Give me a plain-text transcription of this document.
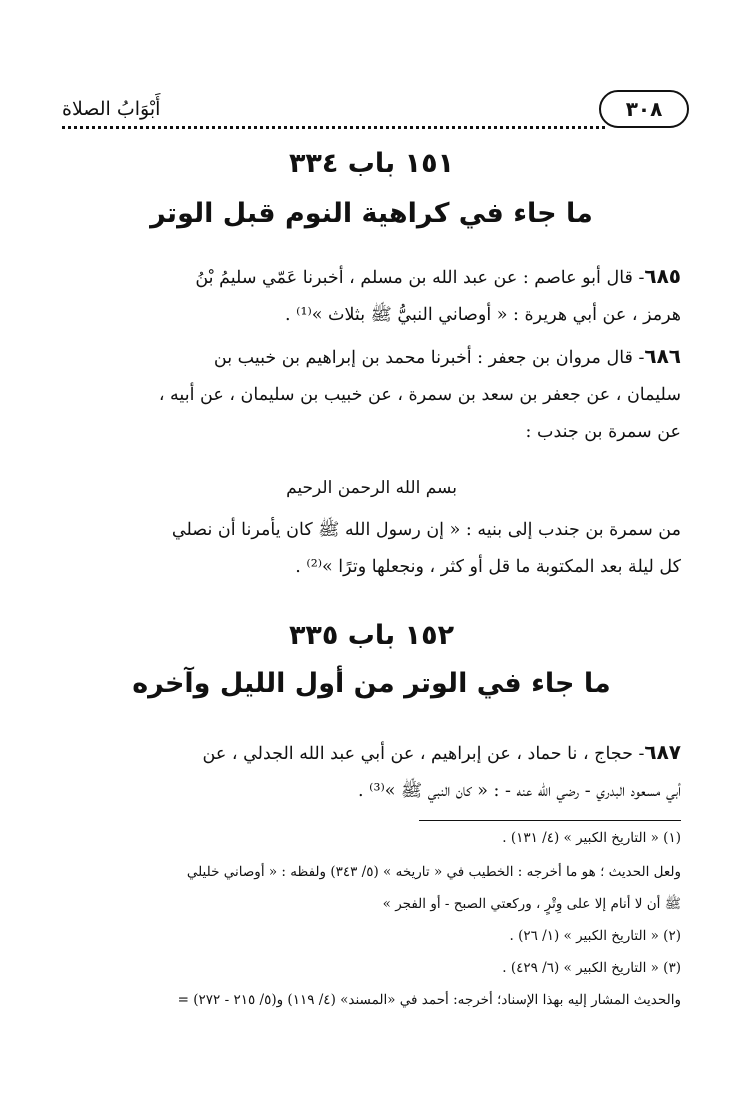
٣٠٨
أَبْوَابُ الصلاة
١٥١ باب ٣٣٤
ما جاء في كراهية النوم قبل الوتر
٦٨٥- قال أبو عاصم : عن عبد الله بن مسلم ، أخبرنا عَمّي سليمُ بْنُ
هرمز ، عن أبي هريرة : « أوصاني النبيُّ ﷺ بثلاث »⁽¹⁾ .
٦٨٦- قال مروان بن جعفر : أخبرنا محمد بن إبراهيم بن خبيب بن
سليمان ، عن جعفر بن سعد بن سمرة ، عن خبيب بن سليمان ، عن أبيه ،
عن سمرة بن جندب :
بسم الله الرحمن الرحيم
من سمرة بن جندب إلى بنيه : « إن رسول الله ﷺ كان يأمرنا أن نصلي
كل ليلة بعد المكتوبة ما قل أو كثر ، ونجعلها وترًا »⁽²⁾ .
١٥٢ باب ٣٣٥
ما جاء في الوتر من أول الليل وآخره
٦٨٧- حجاج ، نا حماد ، عن إبراهيم ، عن أبي عبد الله الجدلي ، عن
أبي مسعود البدري - رضي الله عنه - : « كان النبي ﷺ »⁽³⁾ .
(١) « التاريخ الكبير » (٤/ ١٣١) .
ولعل الحديث ؛ هو ما أخرجه : الخطيب في « تاريخه » (٥/ ٣٤٣) ولفظه : « أوصاني خليلي
ﷺ أن لا أنام إلا على وِتْرٍ ، وركعتي الصبح - أو الفجر »
(٢) « التاريخ الكبير » (١/ ٢٦) .
(٣) « التاريخ الكبير » (٦/ ٤٢٩) .
والحديث المشار إليه بهذا الإسناد؛ أخرجه: أحمد في «المسند» (٤/ ١١٩) و(٥/ ٢١٥ - ٢٧٢) =
